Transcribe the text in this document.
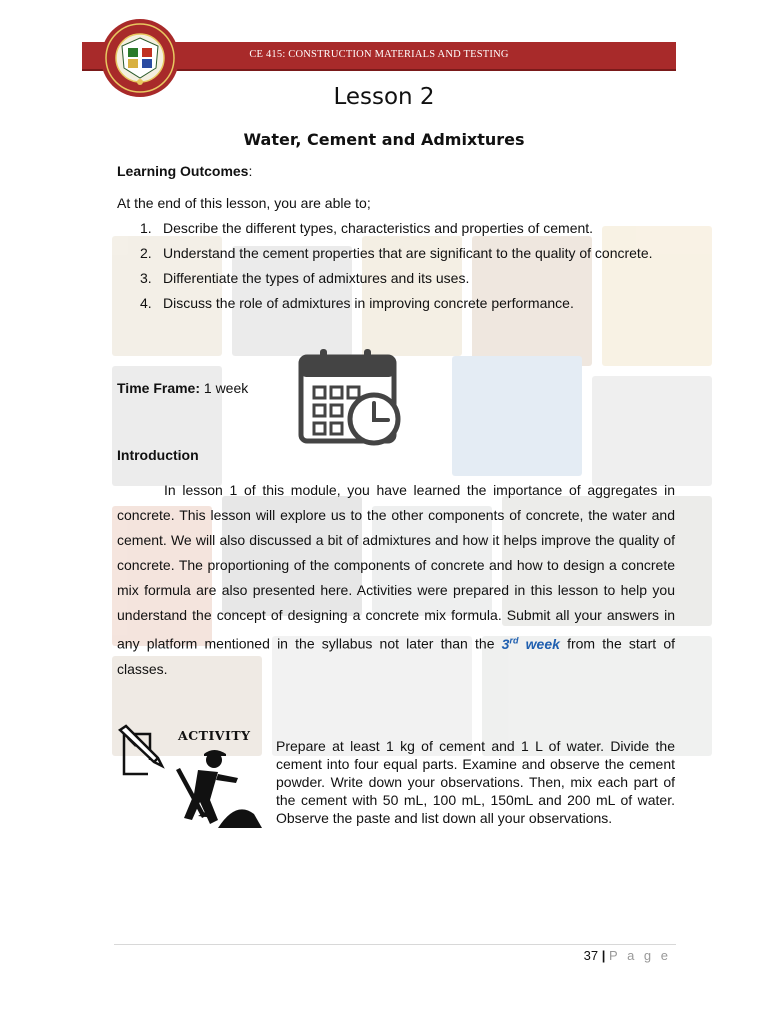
CE 415: CONSTRUCTION MATERIALS AND TESTING
Lesson 2
Water, Cement and Admixtures
Learning Outcomes:
At the end of this lesson, you are able to;
1. Describe the different types, characteristics and properties of cement.
2. Understand the cement properties that are significant to the quality of concrete.
3. Differentiate the types of admixtures and its uses.
4. Discuss the role of admixtures in improving concrete performance.
Time Frame: 1 week
Introduction
In lesson 1 of this module, you have learned the importance of aggregates in concrete. This lesson will explore us to the other components of concrete, the water and cement. We will also discussed a bit of admixtures and how it helps improve the quality of concrete. The proportioning of the components of concrete and how to design a concrete mix formula are also presented here. Activities were prepared in this lesson to help you understand the concept of designing a concrete mix formula. Submit all your answers in any platform mentioned in the syllabus not later than the 3rd week from the start of classes.
ACTIVITY
Prepare at least 1 kg of cement and 1 L of water. Divide the cement into four equal parts. Examine and observe the cement powder. Write down your observations. Then, mix each part of the cement with 50 mL, 100 mL, 150mL and 200 mL of water. Observe the paste and list down all your observations.
37 | P a g e
